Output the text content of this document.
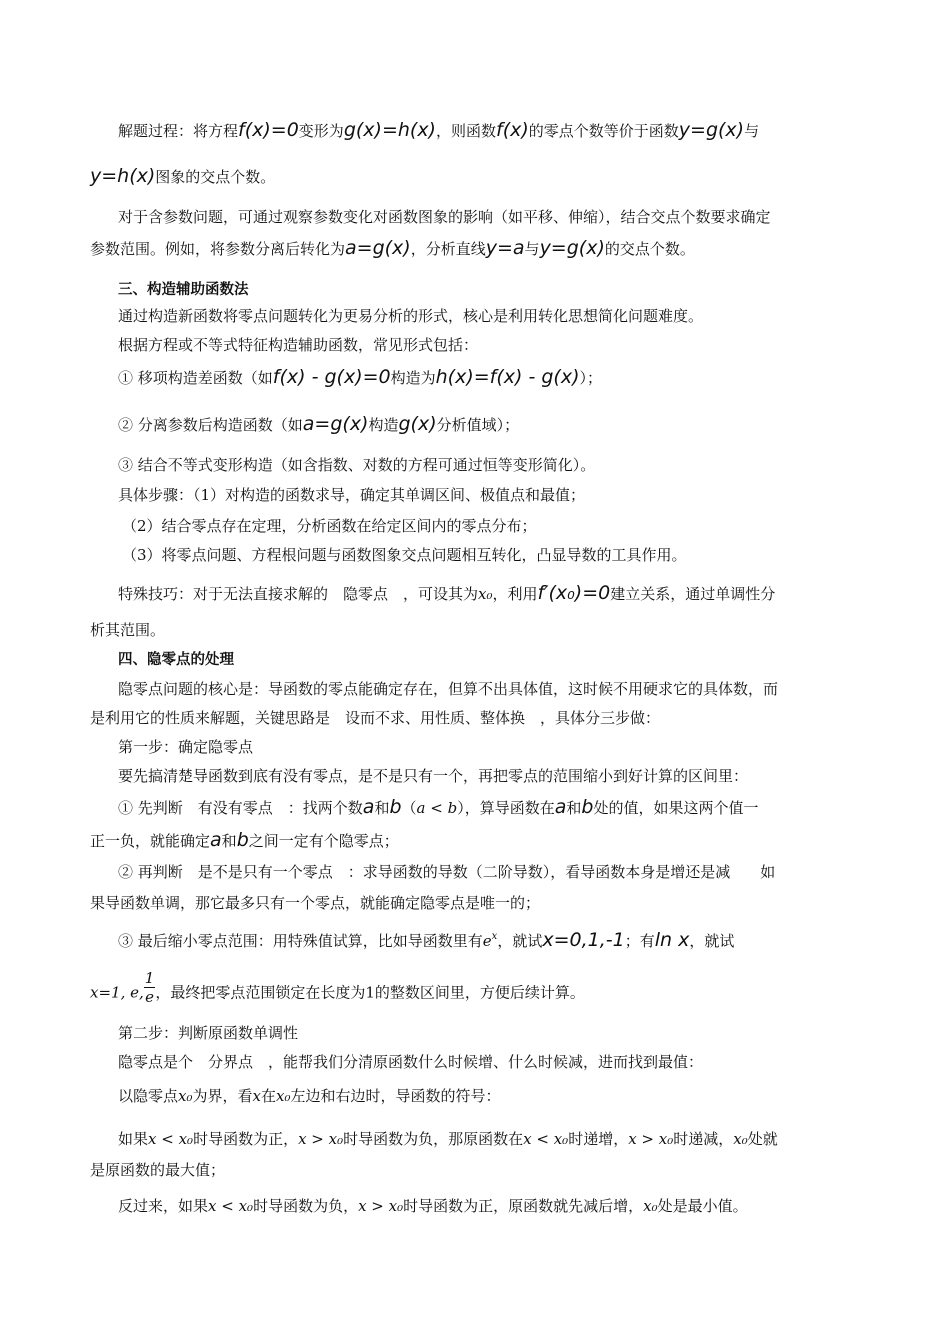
解题过程：将方程f(x)=0变形为g(x)=h(x)，则函数f(x)的零点个数等价于函数y=g(x)与
y=h(x)图象的交点个数。
对于含参数问题，可通过观察参数变化对函数图象的影响（如平移、伸缩），结合交点个数要求确定
参数范围。例如，将参数分离后转化为a=g(x)，分析直线y=a与y=g(x)的交点个数。
三、构造辅助函数法
通过构造新函数将零点问题转化为更易分析的形式，核心是利用转化思想简化问题难度。
根据方程或不等式特征构造辅助函数，常见形式包括：
① 移项构造差函数（如f(x) - g(x)=0构造为h(x)=f(x) - g(x)）；
② 分离参数后构造函数（如a=g(x)构造g(x)分析值域）；
③ 结合不等式变形构造（如含指数、对数的方程可通过恒等变形简化）。
具体步骤：（1）对构造的函数求导，确定其单调区间、极值点和最值；
（2）结合零点存在定理，分析函数在给定区间内的零点分布；
（3）将零点问题、方程根问题与函数图象交点问题相互转化，凸显导数的工具作用。
特殊技巧：对于无法直接求解的　隐零点　，可设其为x₀，利用f′(x₀)=0建立关系，通过单调性分
析其范围。
四、隐零点的处理
隐零点问题的核心是：导函数的零点能确定存在，但算不出具体值，这时候不用硬求它的具体数，而
是利用它的性质来解题，关键思路是　设而不求、用性质、整体换　，具体分三步做：
第一步：确定隐零点
要先搞清楚导函数到底有没有零点，是不是只有一个，再把零点的范围缩小到好计算的区间里：
① 先判断　有没有零点　：找两个数a和b（a < b），算导函数在a和b处的值，如果这两个值一
正一负，就能确定a和b之间一定有个隐零点；
② 再判断　是不是只有一个零点　：求导函数的导数（二阶导数），看导函数本身是增还是减　　如
果导函数单调，那它最多只有一个零点，就能确定隐零点是唯一的；
③ 最后缩小零点范围：用特殊值试算，比如导函数里有$e^x$，就试x=0,1,-1；有ln x，就试
x=1, e, $\frac{1}{e}$ ，最终把零点范围锁定在长度为1的整数区间里，方便后续计算。
第二步：判断原函数单调性
隐零点是个　分界点　，能帮我们分清原函数什么时候增、什么时候减，进而找到最值：
以隐零点x₀为界，看x在x₀左边和右边时，导函数的符号：
如果x < x₀时导函数为正，x > x₀时导函数为负，那原函数在x < x₀时递增，x > x₀时递减，x₀处就
是原函数的最大值；
反过来，如果x < x₀时导函数为负，x > x₀时导函数为正，原函数就先减后增，x₀处是最小值。
